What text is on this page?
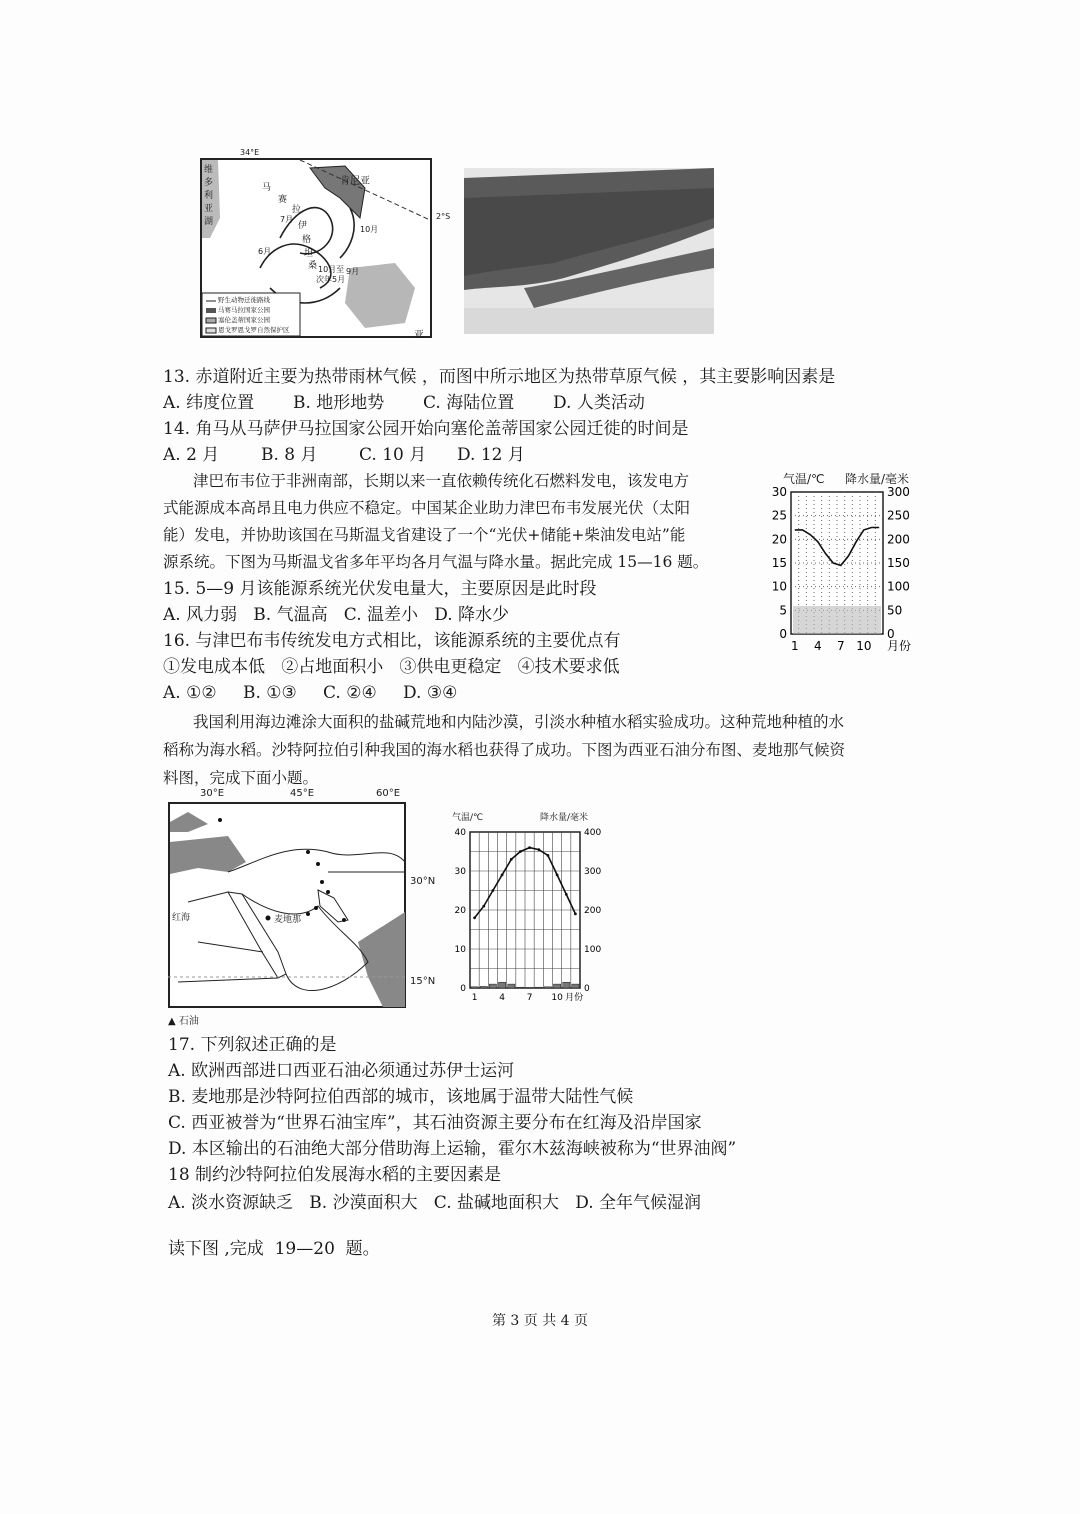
34°E
2°S
肯尼亚
亚
维
多
利
亚
湖
马
赛
拉
伊
格
坦
桑
7月
10月
6月
10月至
次年5月
9月
野生动物迁徙路线
马赛马拉国家公园
塞伦盖蒂国家公园
恩戈罗恩戈罗自然保护区
13. 赤道附近主要为热带雨林气候 ，而图中所示地区为热带草原气候 ，其主要影响因素是
A. 纬度位置 B. 地形地势 C. 海陆位置 D. 人类活动
14. 角马从马萨伊马拉国家公园开始向塞伦盖蒂国家公园迁徙的时间是
A. 2 月 B. 8 月 C. 10 月 D. 12 月
津巴布韦位于非洲南部，长期以来一直依赖传统化石燃料发电，该发电方
式能源成本高昂且电力供应不稳定。中国某企业助力津巴布韦发展光伏（太阳
能）发电，并协助该国在马斯温戈省建设了一个“光伏+储能+柴油发电站”能
源系统。下图为马斯温戈省多年平均各月气温与降水量。据此完成 15—16 题。
气温/℃ 降水量/毫米
30
25
20
15
10
5
0
300
250
200
150
100
50
0
1 4 7 10 月份
15. 5—9 月该能源系统光伏发电量大，主要原因是此时段
A. 风力弱   B. 气温高   C. 温差小   D. 降水少
16. 与津巴布韦传统发电方式相比，该能源系统的主要优点有
①发电成本低   ②占地面积小   ③供电更稳定   ④技术要求低
A. ①② B. ①③ C. ②④ D. ③④
我国利用海边滩涂大面积的盐碱荒地和内陆沙漠，引淡水种植水稻实验成功。这种荒地种植的水
稻称为海水稻。沙特阿拉伯引种我国的海水稻也获得了成功。下图为西亚石油分布图、麦地那气候资
料图，完成下面小题。
30°E	45°E	60°E
30°N
15°N
麦地那
红海
▲ 石油
气温/℃	降水量/毫米
40
30
20
10
0
400
300
200
100
0
1 4 7 10 月份
17. 下列叙述正确的是
A. 欧洲西部进口西亚石油必须通过苏伊士运河
B. 麦地那是沙特阿拉伯西部的城市，该地属于温带大陆性气候
C. 西亚被誉为“世界石油宝库”，其石油资源主要分布在红海及沿岸国家
D. 本区输出的石油绝大部分借助海上运输，霍尔木兹海峡被称为“世界油阀”
18 制约沙特阿拉伯发展海水稻的主要因素是
A. 淡水资源缺乏   B. 沙漠面积大   C. 盐碱地面积大   D. 全年气候湿润
读下图 ,完成  19—20  题。
第 3 页 共 4 页
